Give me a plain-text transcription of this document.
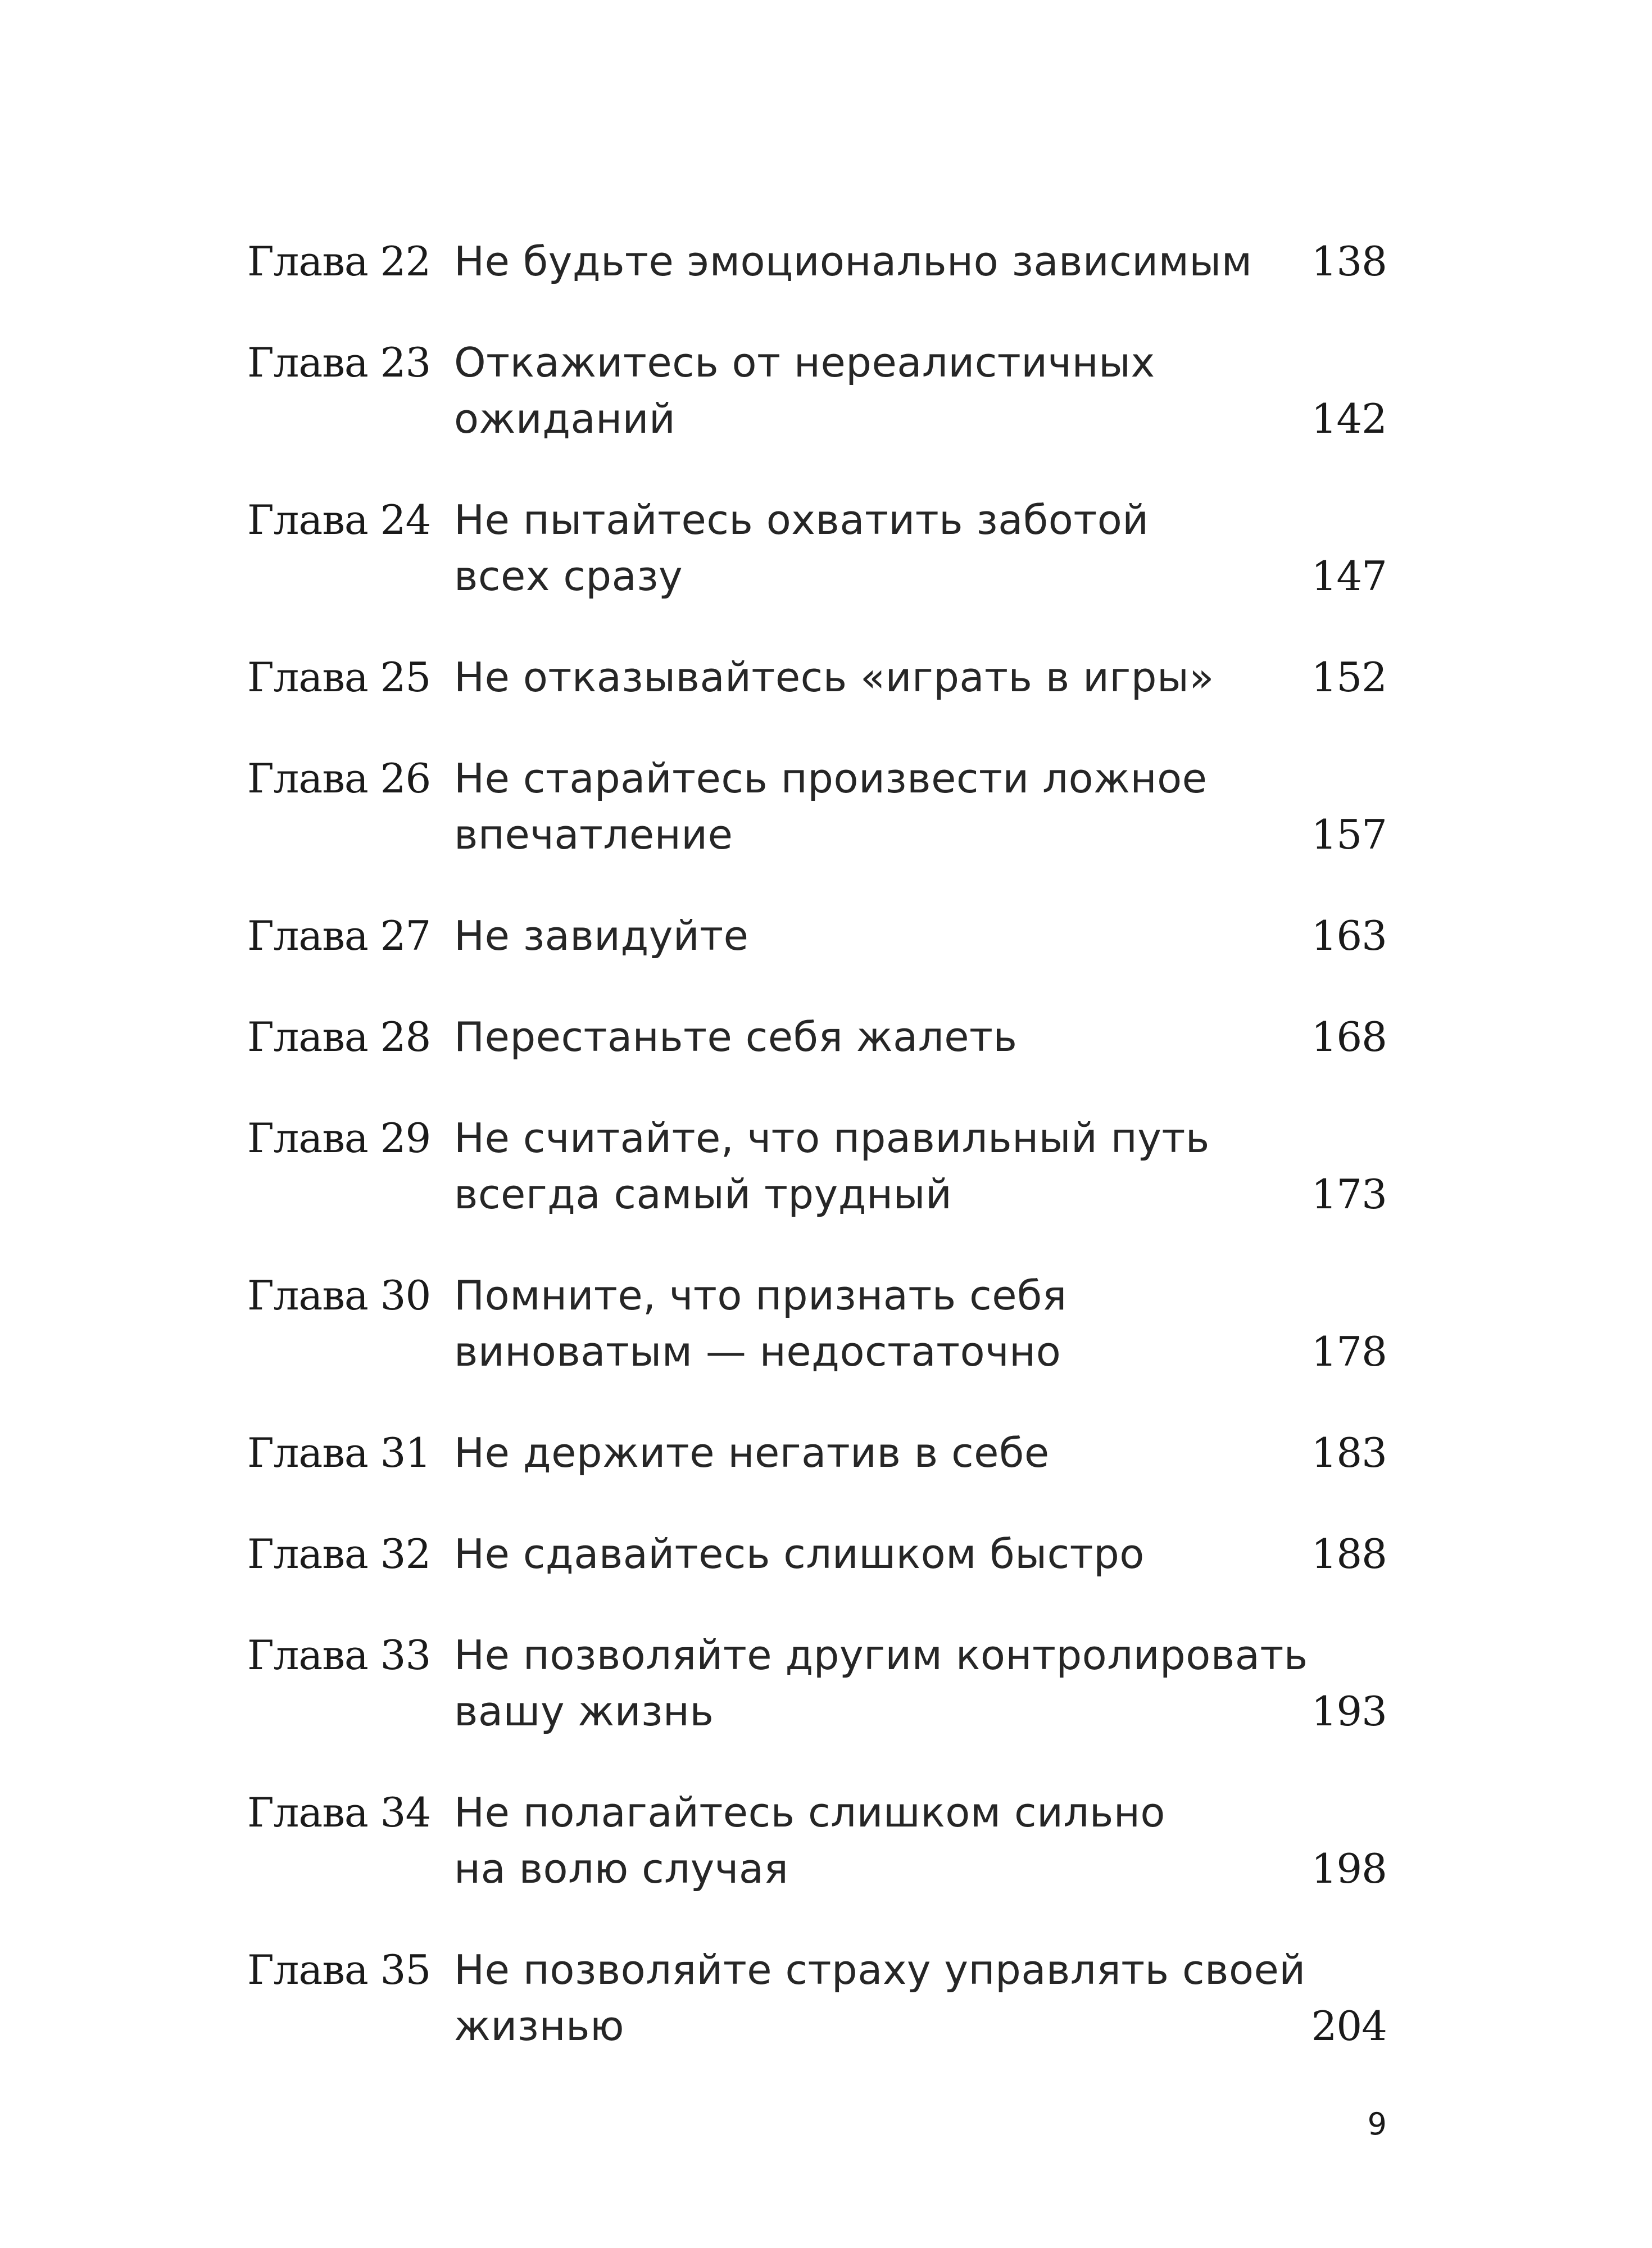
Глава 22 Не будьте эмоционально зависимым	138
Глава 23 Откажитесь от нереалистичных
ожиданий	142
Глава 24 Не пытайтесь охватить заботой
всех сразу	147
Глава 25 Не отказывайтесь «играть в игры»	152
Глава 26 Не старайтесь произвести ложное
впечатление	157
Глава 27 Не завидуйте	163
Глава 28 Перестаньте себя жалеть	168
Глава 29 Не считайте, что правильный путь
всегда самый трудный	173
Глава 30 Помните, что признать себя
виноватым — недостаточно	178
Глава 31 Не держите негатив в себе	183
Глава 32 Не сдавайтесь слишком быстро	188
Глава 33 Не позволяйте другим контролировать
вашу жизнь	193
Глава 34 Не полагайтесь слишком сильно
на волю случая	198
Глава 35 Не позволяйте страху управлять своей
жизнью	204
9
